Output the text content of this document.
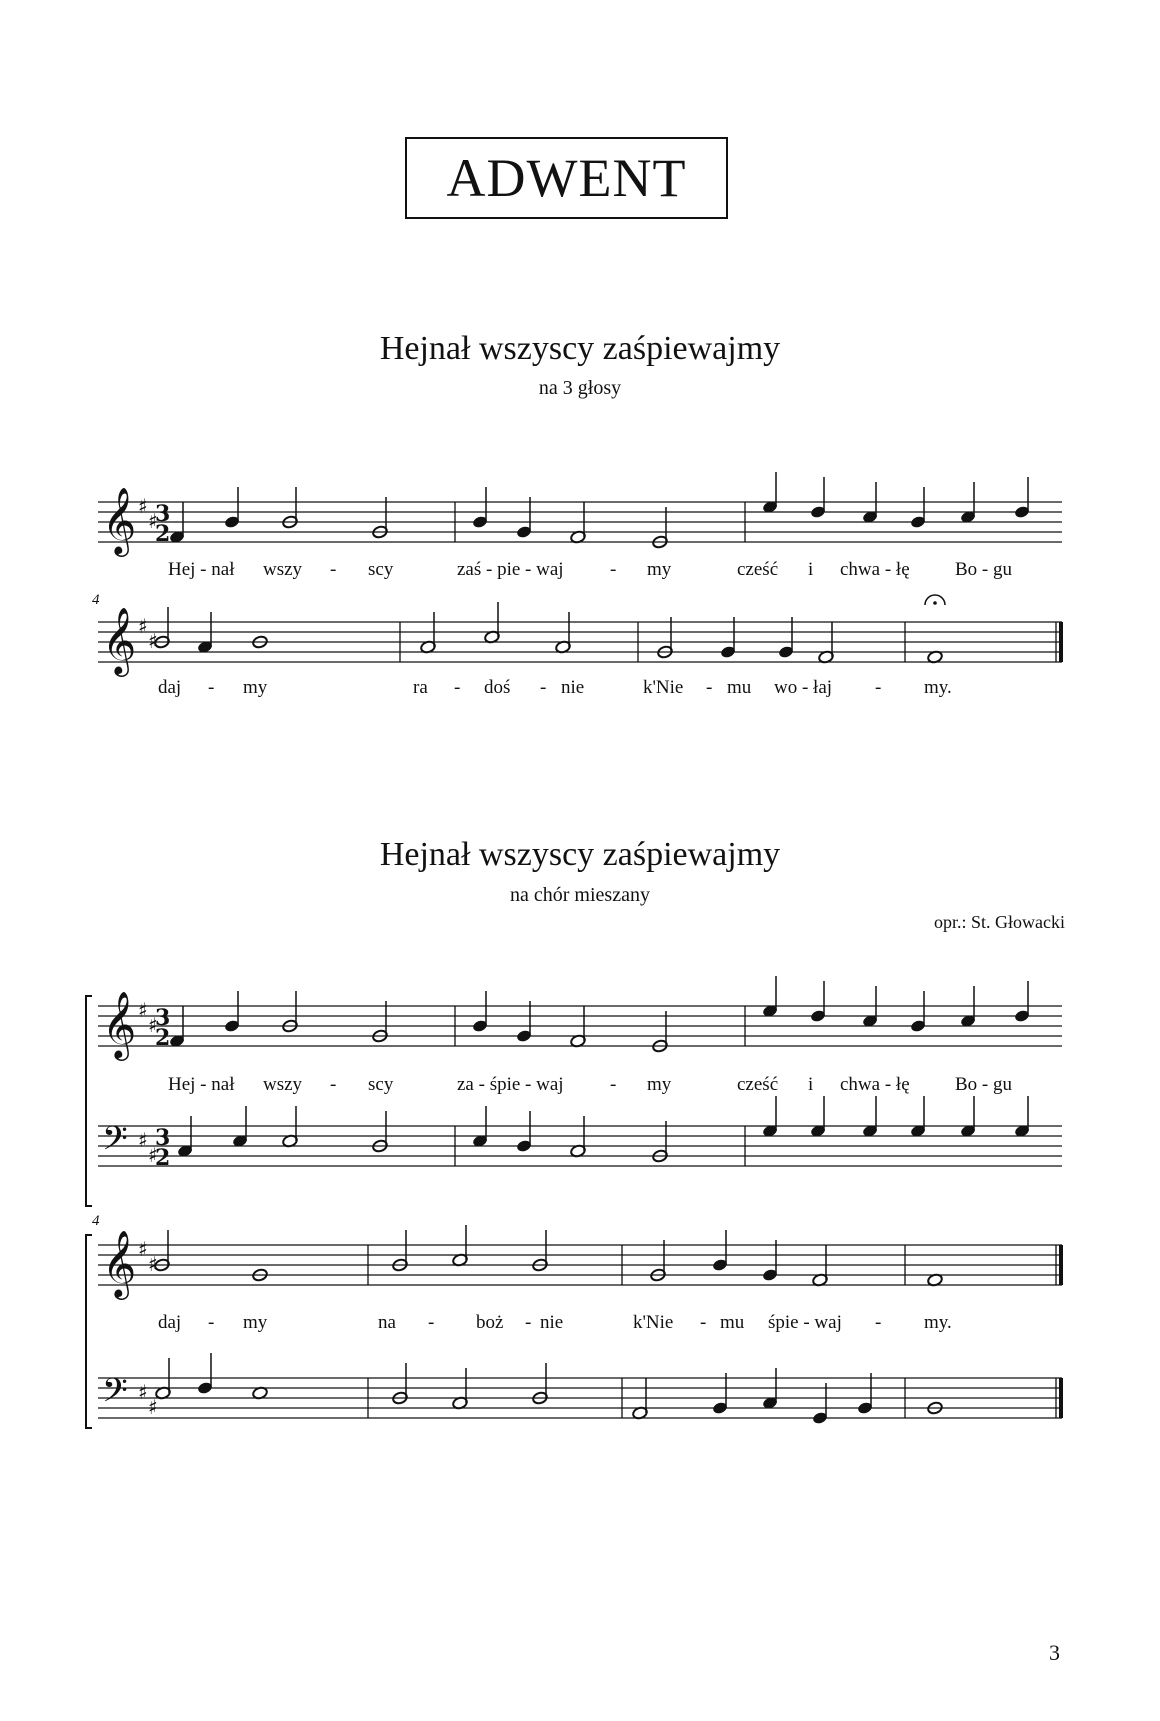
ADWENT
Hejnał wszyscy zaśpiewajmy
na 3 głosy
Hejnał wszyscy zaśpiewajmy
na chór mieszany
opr.: St. Głowacki
3
𝄞 ♯
♯
3
2
𝄞 ♯
♯
𝄞 ♯
♯
3
2
𝄢 ♯
♯
3
2
𝄞 ♯
♯
𝄢 ♯
♯
Hej - nał wszy - scy	zaś - pie - waj - my	cześć i chwa - łę Bo - gu
4
daj - my	ra - doś - nie	k'Nie - mu wo - łaj - my.
Hej - nał wszy - scy	za - śpie - waj - my	cześć i chwa - łę Bo - gu
4
daj - my	na - boż - nie	k'Nie - mu śpie - waj - my.
